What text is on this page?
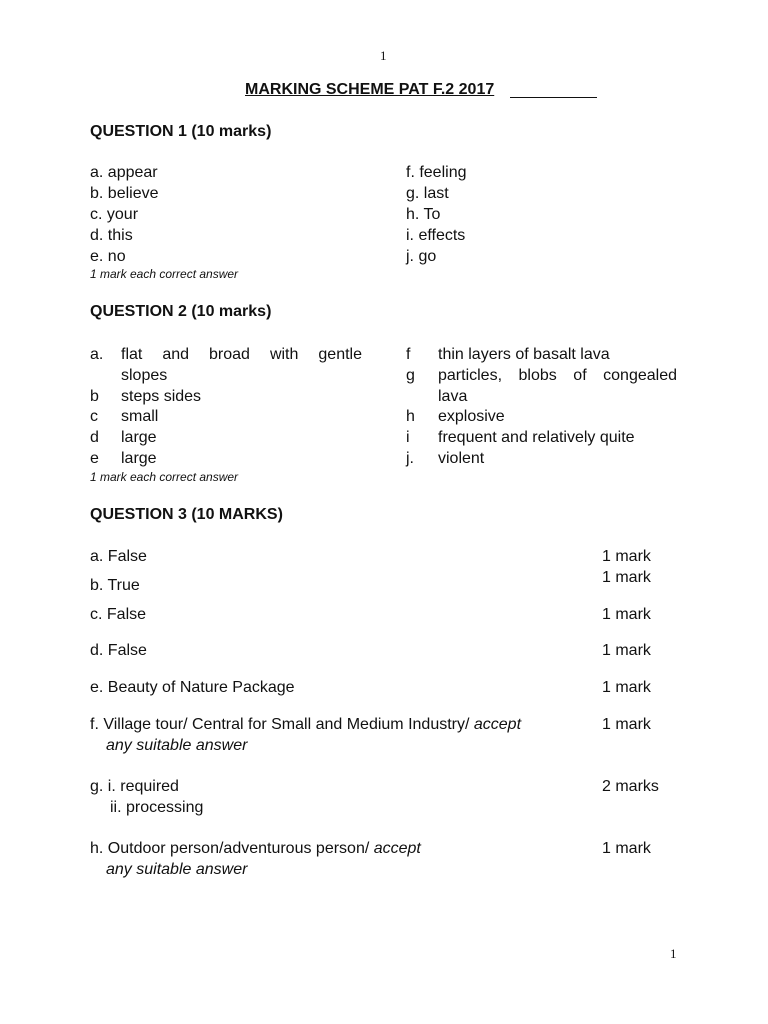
1
1
MARKING SCHEME PAT F.2 2017
QUESTION 1 (10 marks)
a. appear
b. believe
c. your
d. this
e. no
f. feeling
g. last
h. To
i. effects
j. go
1 mark each correct answer
QUESTION 2 (10 marks)
a. flat and broad with gentle
slopes
b steps sides
c small
d large
e large
f thin layers of basalt lava
g particles, blobs of congealed
lava
h explosive
i frequent and relatively quite
j. violent
1 mark each correct answer
QUESTION 3 (10 MARKS)
a. False	1 mark
b. True	1 mark
c. False	1 mark
d. False	1 mark
e. Beauty of Nature Package	1 mark
f. Village tour/ Central for Small and Medium Industry/ accept
any suitable answer
1 mark
g. i. required
ii. processing
2 marks
h. Outdoor person/adventurous person/ accept
any suitable answer
1 mark
